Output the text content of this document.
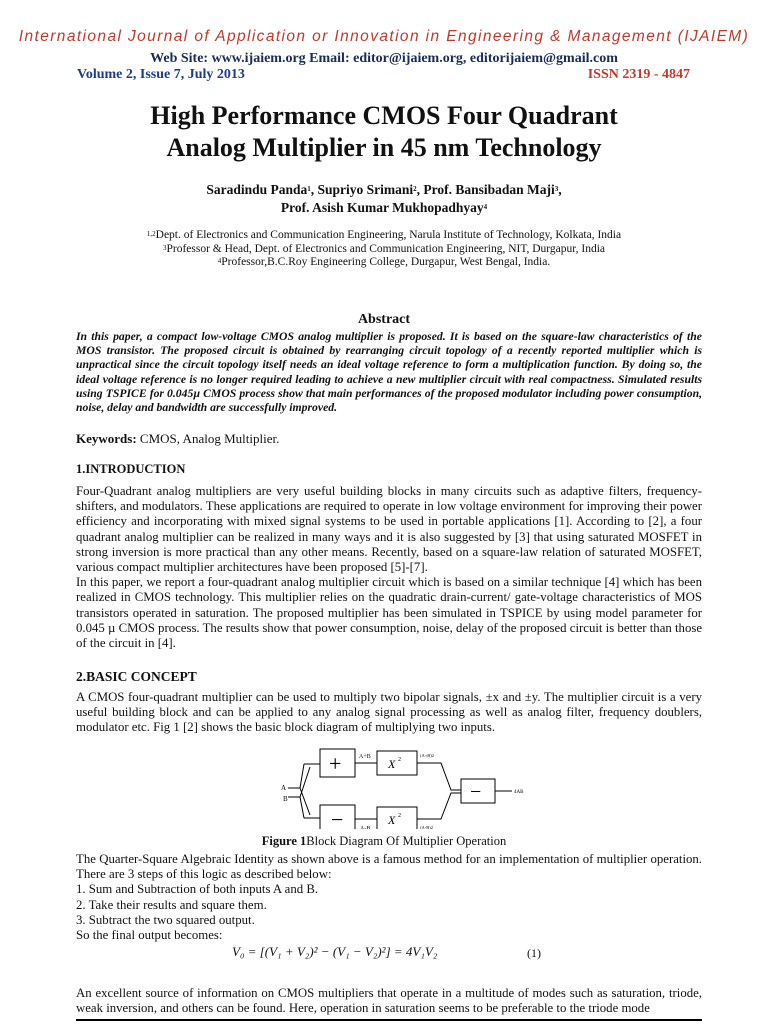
International Journal of Application or Innovation in Engineering & Management (IJAIEM)
Web Site: www.ijaiem.org Email: editor@ijaiem.org, editorijaiem@gmail.com
Volume 2, Issue 7, July 2013	ISSN 2319 - 4847
High Performance CMOS Four Quadrant
Analog Multiplier in 45 nm Technology
Saradindu Panda$^1$, Supriyo Srimani$^2$, Prof. Bansibadan Maji$^3$,
Prof. Asish Kumar Mukhopadhyay$^4$
$^{1,2}$Dept. of Electronics and Communication Engineering, Narula Institute of Technology, Kolkata, India
$^3$Professor & Head, Dept. of Electronics and Communication Engineering, NIT, Durgapur, India
$^4$Professor,B.C.Roy Engineering College, Durgapur, West Bengal, India.
Abstract
In this paper, a compact low-voltage CMOS analog multiplier is proposed. It is based on the square-law characteristics of the MOS transistor. The proposed circuit is obtained by rearranging circuit topology of a recently reported multiplier which is unpractical since the circuit topology itself needs an ideal voltage reference to form a multiplication function. By doing so, the ideal voltage reference is no longer required leading to achieve a new multiplier circuit with real compactness. Simulated results using TSPICE for 0.045µ CMOS process show that main performances of the proposed modulator including power consumption, noise, delay and bandwidth are successfully improved.
Keywords: CMOS, Analog Multiplier.
1.INTRODUCTION

Four-Quadrant analog multipliers are very useful building blocks in many circuits such as adaptive filters, frequency-shifters, and modulators. These applications are required to operate in low voltage environment for improving their power efficiency and incorporating with mixed signal systems to be used in portable applications [1]. According to [2], a four quadrant analog multiplier can be realized in many ways and it is also suggested by [3] that using saturated MOSFET in strong inversion is more practical than any other means. Recently, based on a square-law relation of saturated MOSFET, various compact multiplier architectures have been proposed [5]-[7].

In this paper, we report a four-quadrant analog multiplier circuit which is based on a similar technique [4] which has been realized in CMOS technology. This multiplier relies on the quadratic drain-current/ gate-voltage characteristics of MOS transistors operated in saturation. The proposed multiplier has been simulated in TSPICE by using model parameter for 0.045 µ CMOS process. The results show that power consumption, noise, delay of the proposed circuit is better than those of the circuit in [4].

2.BASIC CONCEPT
A CMOS four-quadrant multiplier can be used to multiply two bipolar signals, ±x and ±y. The multiplier circuit is a very useful building block and can be applied to any analog signal processing as well as analog filter, frequency doublers, modulator etc. Fig 1 [2] shows the basic block diagram of multiplying two inputs.
A
B
+
−
−
A+B
A-B
X 2
X 2
(A+B)2
(A-B)2
4AB
Figure 1Block Diagram Of Multiplier Operation

The Quarter-Square Algebraic Identity as shown above is a famous method for an implementation of multiplier operation. There are 3 steps of this logic as described below:

1. Sum and Subtraction of both inputs A and B.

2. Take their results and square them.

3. Subtract the two squared output.

So the final output becomes:

V₀ = [(V₁ + V₂)² − (V₁ − V₂)²] = 4V₁V₂	(1)
An excellent source of information on CMOS multipliers that operate in a multitude of modes such as saturation, triode, weak inversion, and others can be found. Here, operation in saturation seems to be preferable to the triode mode
